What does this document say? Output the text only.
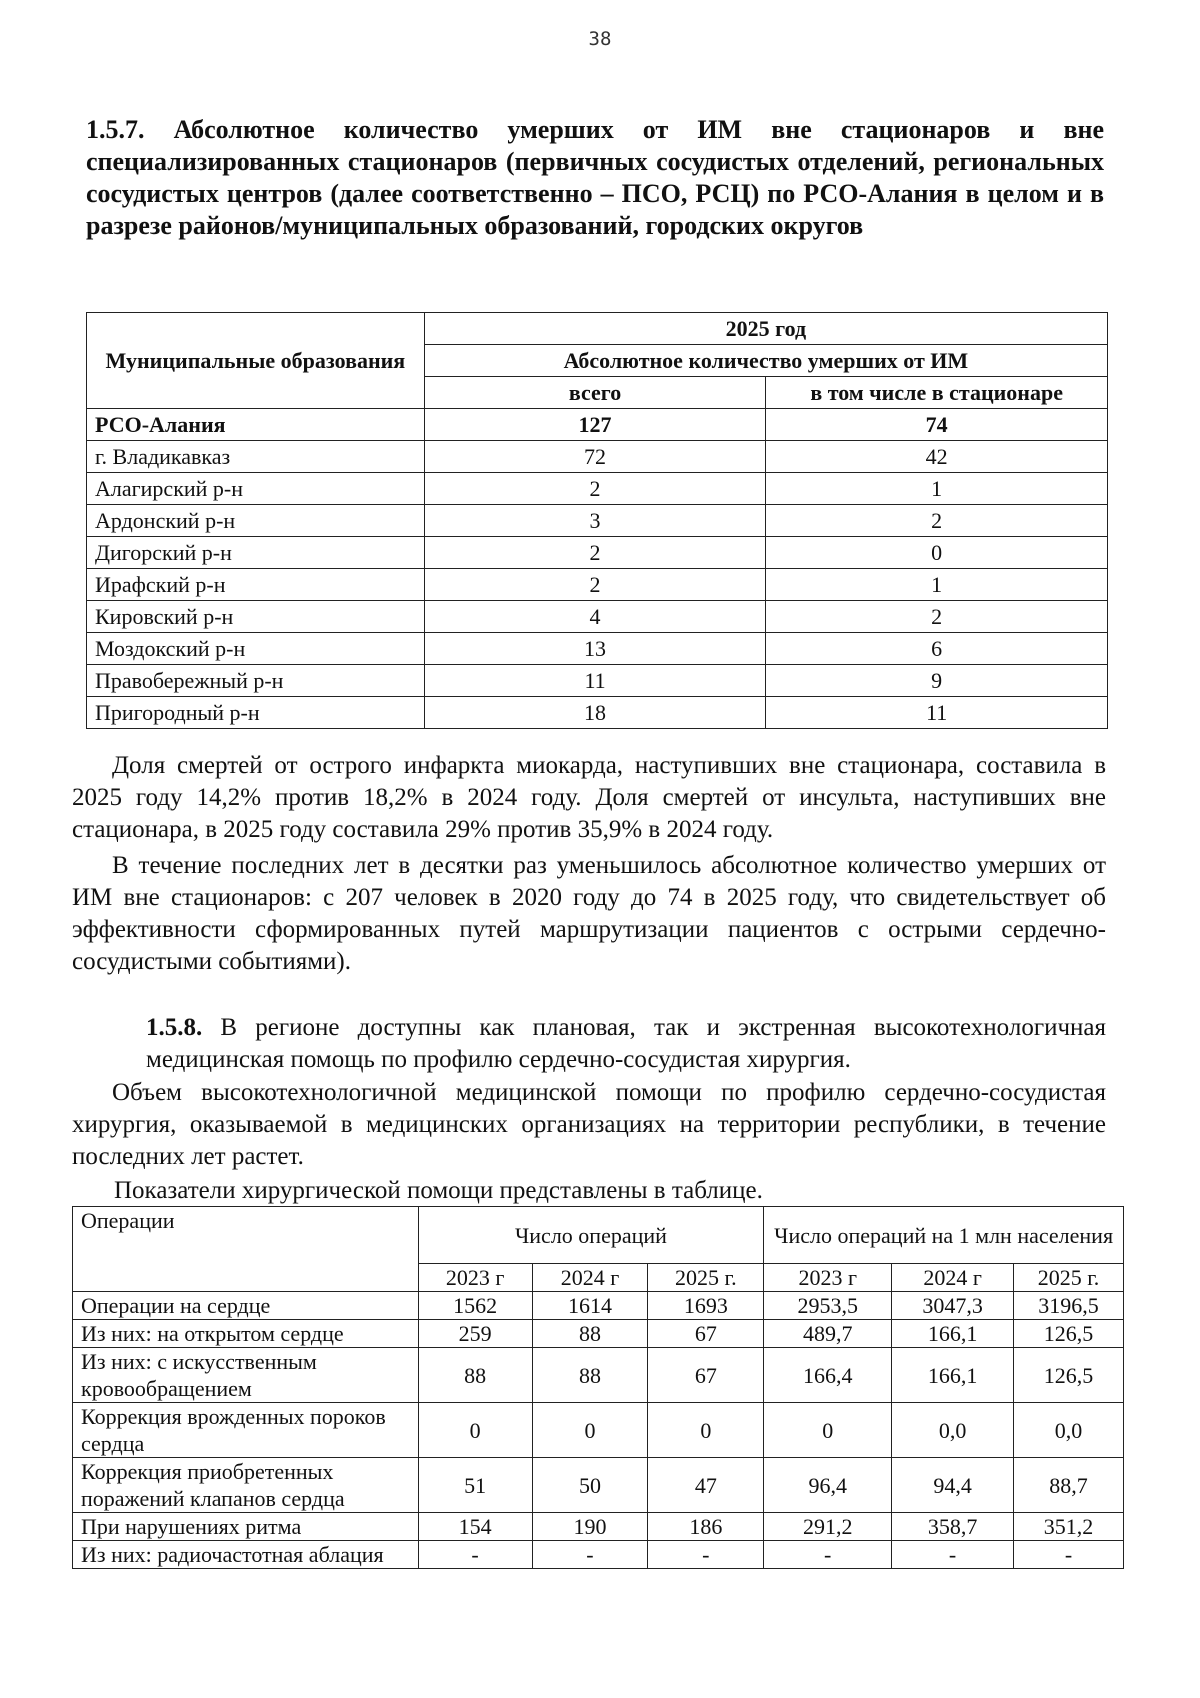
38
1.5.7. Абсолютное количество умерших от ИМ вне стационаров и вне специализированных стационаров (первичных сосудистых отделений, региональных сосудистых центров (далее соответственно – ПСО, РСЦ) по РСО-Алания в целом и в разрезе районов/муниципальных образований, городских округов
Муниципальные образования	2025 год	
	Абсолютное количество умерших от ИМ	
	всего	в том числе в стационаре
РСО-Алания	127	74
г. Владикавказ	72	42
Алагирский р-н	2	1
Ардонский р-н	3	2
Дигорский р-н	2	0
Ирафский р-н	2	1
Кировский р-н	4	2
Моздокский р-н	13	6
Правобережный р-н	11	9
Пригородный р-н	18	11

Доля смертей от острого инфаркта миокарда, наступивших вне стационара, составила в 2025 году 14,2% против 18,2% в 2024 году. Доля смертей от инсульта, наступивших вне стационара, в 2025 году составила 29% против 35,9% в 2024 году.

В течение последних лет в десятки раз уменьшилось абсолютное количество умерших от ИМ вне стационаров: с 207 человек в 2020 году до 74 в 2025 году, что свидетельствует об эффективности сформированных путей маршрутизации пациентов с острыми сердечно-сосудистыми событиями).

1.5.8. В регионе доступны как плановая, так и экстренная высокотехнологичная медицинская помощь по профилю сердечно-сосудистая хирургия.

Объем высокотехнологичной медицинской помощи по профилю сердечно-сосудистая хирургия, оказываемой в медицинских организациях на территории республики, в течение последних лет растет.

Показатели хирургической помощи представлены в таблице.

Операции	Число операций			Число операций на 1 млн населения		
	2023 г	2024 г	2025 г.	2023 г	2024 г	2025 г.
Операции на сердце	1562	1614	1693	2953,5	3047,3	3196,5
Из них: на открытом сердце	259	88	67	489,7	166,1	126,5
Из них: с искусственным кровообращением	88	88	67	166,4	166,1	126,5
Коррекция врожденных пороков сердца	0	0	0	0	0,0	0,0
Коррекция приобретенных поражений клапанов сердца	51	50	47	96,4	94,4	88,7
При нарушениях ритма	154	190	186	291,2	358,7	351,2
Из них: радиочастотная аблация	-	-	-	-	-	-
